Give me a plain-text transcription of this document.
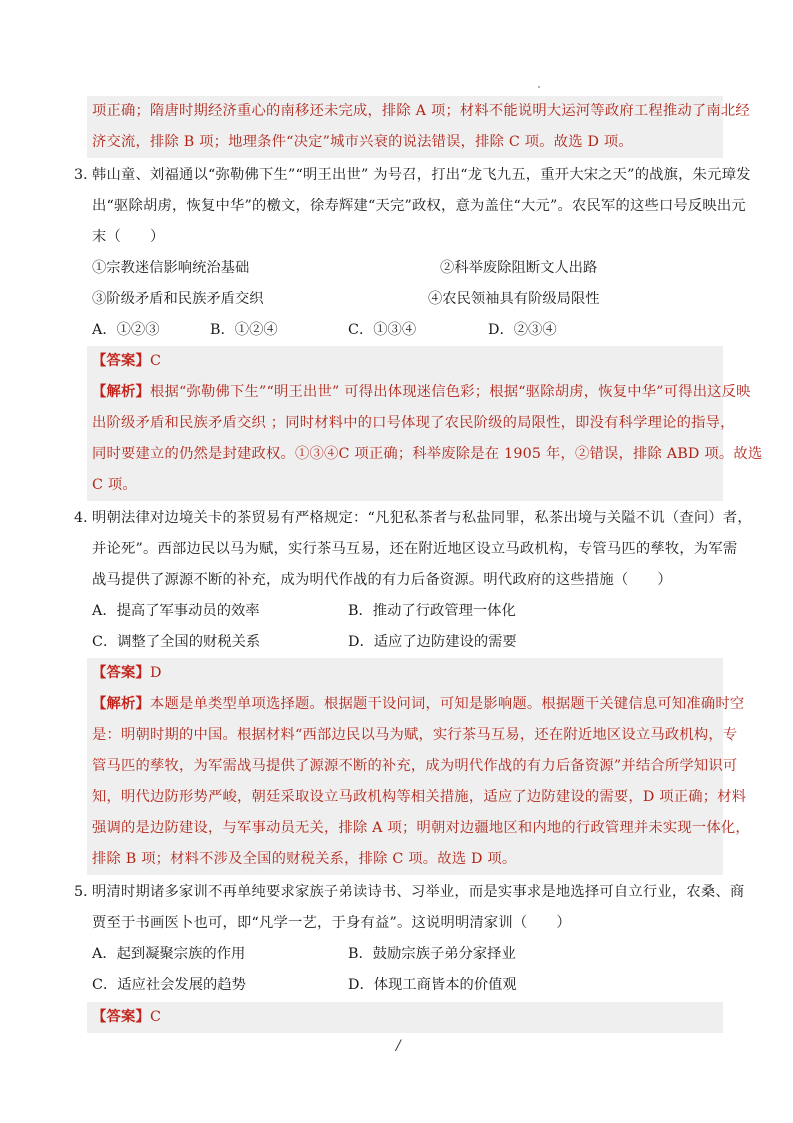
项正确；隋唐时期经济重心的南移还未完成，排除 A 项；材料不能说明大运河等政府工程推动了南北经
济交流，排除 B 项；地理条件“决定”城市兴衰的说法错误，排除 C 项。故选 D 项。
3．
韩山童、刘福通以“弥勒佛下生”“明王出世” 为号召，打出“龙飞九五，重开大宋之天”的战旗，朱元璋发
出“驱除胡虏，恢复中华”的檄文，徐寿辉建“天完”政权，意为盖住“大元”。农民军的这些口号反映出元
末（　　）
①宗教迷信影响统治基础	②科举废除阻断文人出路
③阶级矛盾和民族矛盾交织	④农民领袖具有阶级局限性
A．①②③	B．①②④	C．①③④	D．②③④
【答案】C
【解析】根据“弥勒佛下生”“明王出世” 可得出体现迷信色彩；根据“驱除胡虏，恢复中华”可得出这反映
出阶级矛盾和民族矛盾交织 ；同时材料中的口号体现了农民阶级的局限性，即没有科学理论的指导，
同时要建立的仍然是封建政权。①③④C 项正确；科举废除是在 1905 年，②错误，排除 ABD 项。故选
C 项。
4．
明朝法律对边境关卡的茶贸易有严格规定：“凡犯私茶者与私盐同罪，私茶出境与关隘不讥（查问）者，
并论死”。西部边民以马为赋，实行茶马互易，还在附近地区设立马政机构，专管马匹的孳牧，为军需
战马提供了源源不断的补充，成为明代作战的有力后备资源。明代政府的这些措施（　　）
A．提高了军事动员的效率	B．推动了行政管理一体化
C．调整了全国的财税关系	D．适应了边防建设的需要
【答案】D
【解析】本题是单类型单项选择题。根据题干设问词，可知是影响题。根据题干关键信息可知准确时空
是：明朝时期的中国。根据材料“西部边民以马为赋，实行茶马互易，还在附近地区设立马政机构，专
管马匹的孳牧，为军需战马提供了源源不断的补充，成为明代作战的有力后备资源”并结合所学知识可
知，明代边防形势严峻，朝廷采取设立马政机构等相关措施，适应了边防建设的需要，D 项正确；材料
强调的是边防建设，与军事动员无关，排除 A 项；明朝对边疆地区和内地的行政管理并未实现一体化，
排除 B 项；材料不涉及全国的财税关系，排除 C 项。故选 D 项。
5．
明清时期诸多家训不再单纯要求家族子弟读诗书、习举业，而是实事求是地选择可自立行业，农桑、商
贾至于书画医卜也可，即“凡学一艺，于身有益”。这说明明清家训（　　）
A．起到凝聚宗族的作用	B．鼓励宗族子弟分家择业
C．适应社会发展的趋势	D．体现工商皆本的价值观
【答案】C
/
